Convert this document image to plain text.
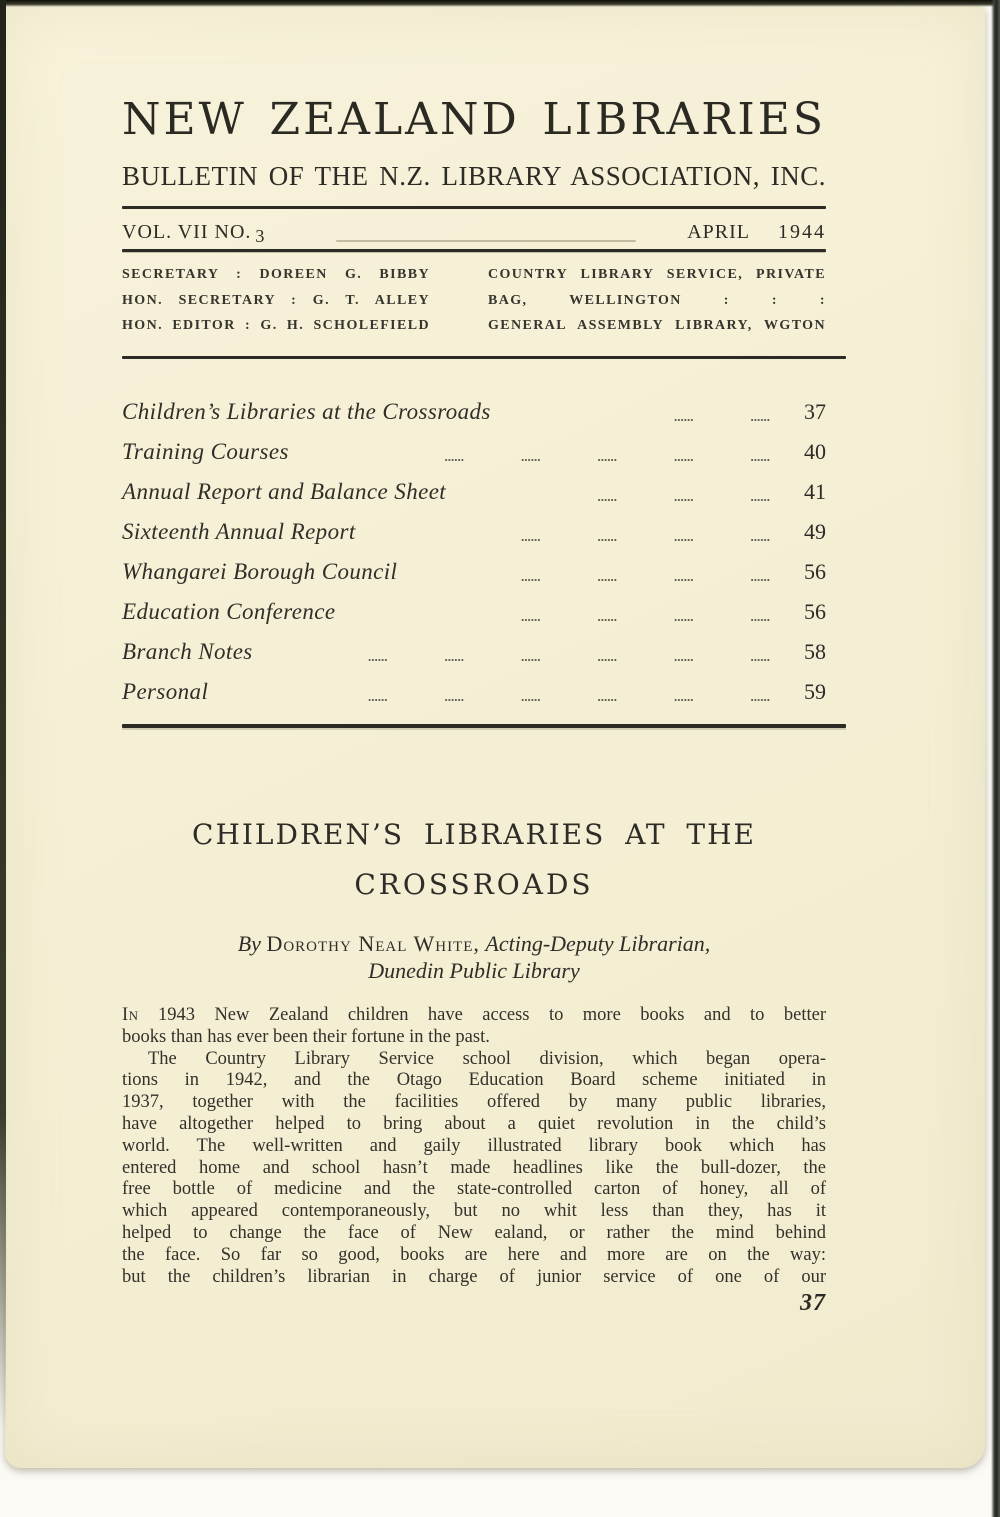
NEW ZEALAND LIBRARIES
BULLETIN OF THE N.Z. LIBRARY ASSOCIATION, INC.
VOL. VII NO. 3	APRIL 1944
SECRETARY : DOREEN G. BIBBY
HON. SECRETARY : G. T. ALLEY
HON. EDITOR : G. H. SCHOLEFIELD
COUNTRY LIBRARY SERVICE, PRIVATE
BAG, WELLINGTON : : :
GENERAL ASSEMBLY LIBRARY, WGTON
Children’s Libraries at the Crossroads	......	......	37
Training Courses	......	......	......	......	......	40
Annual Report and Balance Sheet	......	......	......	41
Sixteenth Annual Report	......	......	......	......	49
Whangarei Borough Council	......	......	......	......	56
Education Conference	......	......	......	......	56
Branch Notes	......	......	......	......	......	......	58
Personal	......	......	......	......	......	......	59
CHILDREN’S LIBRARIES AT THE
CROSSROADS
By Dorothy Neal White, Acting-Deputy Librarian,
Dunedin Public Library
In 1943 New Zealand children have access to more books and to better
books than has ever been their fortune in the past.
The Country Library Service school division, which began opera-
tions in 1942, and the Otago Education Board scheme initiated in
1937, together with the facilities offered by many public libraries,
have altogether helped to bring about a quiet revolution in the child’s
world. The well-written and gaily illustrated library book which has
entered home and school hasn’t made headlines like the bull-dozer, the
free bottle of medicine and the state-controlled carton of honey, all of
which appeared contemporaneously, but no whit less than they, has it
helped to change the face of New ealand, or rather the mind behind
the face. So far so good, books are here and more are on the way:
but the children’s librarian in charge of junior service of one of our
37
